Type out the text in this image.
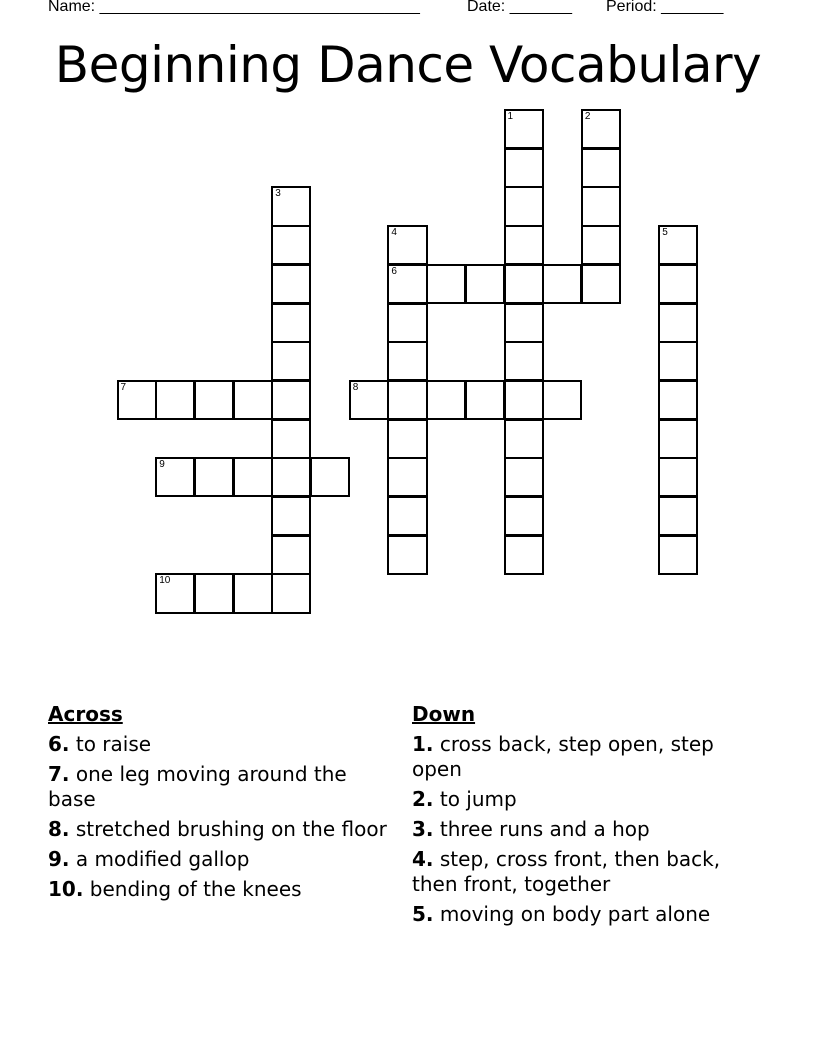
Name: ____________________________________	Date: _______ Period: _______
Beginning Dance Vocabulary
1	2
3
4
6
5
7	8
9
10
Across
6. to raise
7. one leg moving around the base
8. stretched brushing on the floor
9. a modified gallop
10. bending of the knees
Down
1. cross back, step open, step open
2. to jump
3. three runs and a hop
4. step, cross front, then back, then front, together
5. moving on body part alone
